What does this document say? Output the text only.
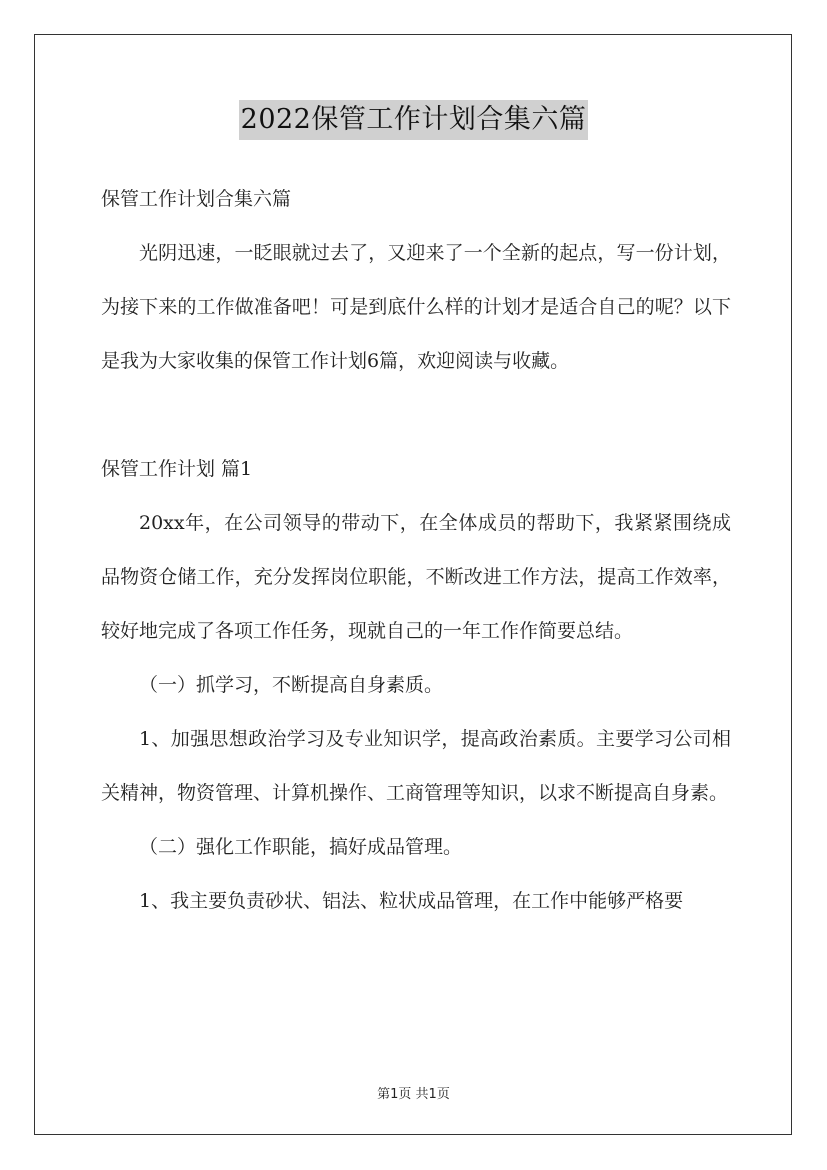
2022保管工作计划合集六篇

保管工作计划合集六篇

光阴迅速，一眨眼就过去了，又迎来了一个全新的起点，写一份计划，为接下来的工作做准备吧！可是到底什么样的计划才是适合自己的呢？以下是我为大家收集的保管工作计划6篇，欢迎阅读与收藏。

保管工作计划 篇1

20xx年，在公司领导的带动下，在全体成员的帮助下，我紧紧围绕成品物资仓储工作，充分发挥岗位职能，不断改进工作方法，提高工作效率，较好地完成了各项工作任务，现就自己的一年工作作简要总结。

（一）抓学习，不断提高自身素质。

1、加强思想政治学习及专业知识学，提高政治素质。主要学习公司相关精神，物资管理、计算机操作、工商管理等知识，以求不断提高自身素。

（二）强化工作职能，搞好成品管理。

1、我主要负责砂状、铝法、粒状成品管理，在工作中能够严格要

第1页 共1页
